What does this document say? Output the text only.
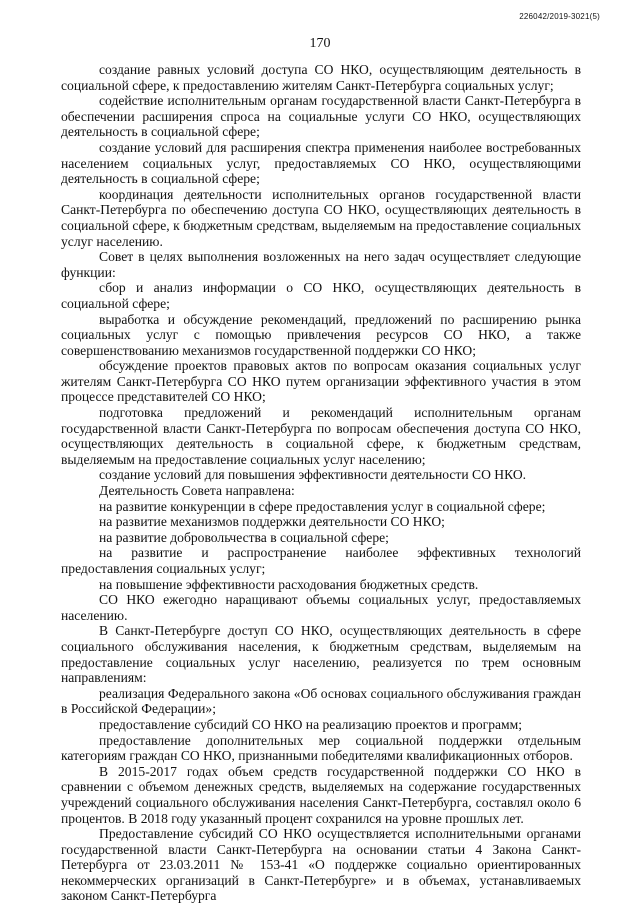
226042/2019-3021(5)
170

создание равных условий доступа СО НКО, осуществляющим деятельность в социальной сфере, к предоставлению жителям Санкт-Петербурга социальных услуг;

содействие исполнительным органам государственной власти Санкт-Петербурга в обеспечении расширения спроса на социальные услуги СО НКО, осуществляющих деятельность в социальной сфере;

создание условий для расширения спектра применения наиболее востребованных населением социальных услуг, предоставляемых СО НКО, осуществляющими деятельность в социальной сфере;

координация деятельности исполнительных органов государственной власти Санкт-Петербурга по обеспечению доступа СО НКО, осуществляющих деятельность в социальной сфере, к бюджетным средствам, выделяемым на предоставление социальных услуг населению.

Совет в целях выполнения возложенных на него задач осуществляет следующие функции:

сбор и анализ информации о СО НКО, осуществляющих деятельность в социальной сфере;

выработка и обсуждение рекомендаций, предложений по расширению рынка социальных услуг с помощью привлечения ресурсов СО НКО, а также совершенствованию механизмов государственной поддержки СО НКО;

обсуждение проектов правовых актов по вопросам оказания социальных услуг жителям Санкт-Петербурга СО НКО путем организации эффективного участия в этом процессе представителей СО НКО;

подготовка предложений и рекомендаций исполнительным органам государственной власти Санкт-Петербурга по вопросам обеспечения доступа СО НКО, осуществляющих деятельность в социальной сфере, к бюджетным средствам, выделяемым на предоставление социальных услуг населению;

создание условий для повышения эффективности деятельности СО НКО.

Деятельность Совета направлена:

на развитие конкуренции в сфере предоставления услуг в социальной сфере;

на развитие механизмов поддержки деятельности СО НКО;

на развитие добровольчества в социальной сфере;

на развитие и распространение наиболее эффективных технологий предоставления социальных услуг;

на повышение эффективности расходования бюджетных средств.

СО НКО ежегодно наращивают объемы социальных услуг, предоставляемых населению.

В Санкт-Петербурге доступ СО НКО, осуществляющих деятельность в сфере социального обслуживания населения, к бюджетным средствам, выделяемым на предоставление социальных услуг населению, реализуется по трем основным направлениям:

реализация Федерального закона «Об основах социального обслуживания граждан в Российской Федерации»;

предоставление субсидий СО НКО на реализацию проектов и программ;

предоставление дополнительных мер социальной поддержки отдельным категориям граждан СО НКО, признанными победителями квалификационных отборов.

В 2015-2017 годах объем средств государственной поддержки СО НКО в сравнении с объемом денежных средств, выделяемых на содержание государственных учреждений социального обслуживания населения Санкт-Петербурга, составлял около 6 процентов. В 2018 году указанный процент сохранился на уровне прошлых лет.

Предоставление субсидий СО НКО осуществляется исполнительными органами государственной власти Санкт-Петербурга на основании статьи 4 Закона Санкт-Петербурга от 23.03.2011 № 153-41 «О поддержке социально ориентированных некоммерческих организаций в Санкт-Петербурге» и в объемах, устанавливаемых законом Санкт-Петербурга
